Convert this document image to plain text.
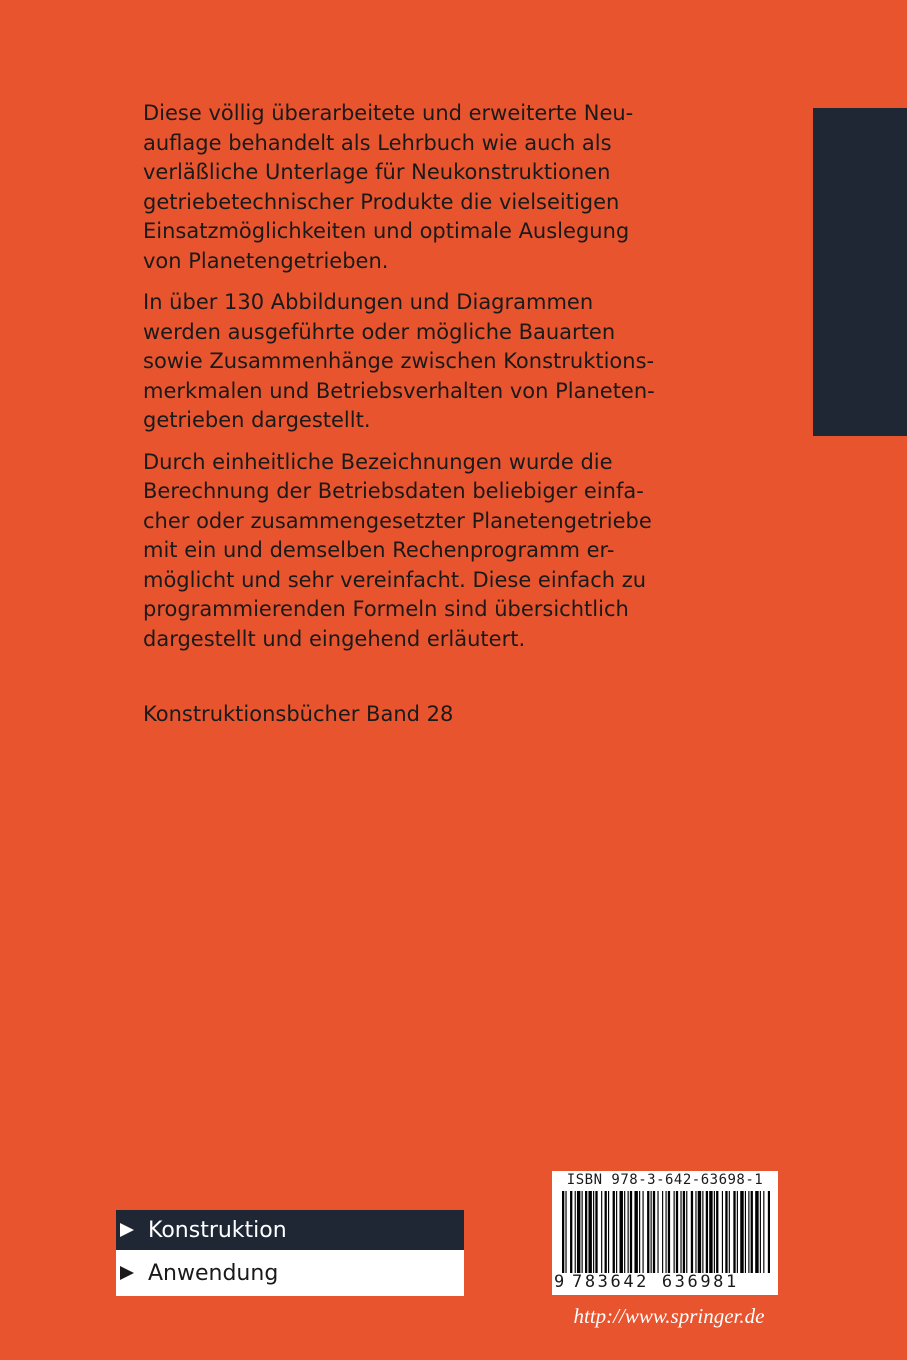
Diese völlig überarbeitete und erweiterte Neu-
auflage behandelt als Lehrbuch wie auch als
verläßliche Unterlage für Neukonstruktionen
getriebetechnischer Produkte die vielseitigen
Einsatzmöglichkeiten und optimale Auslegung
von Planetengetrieben.

In über 130 Abbildungen und Diagrammen
werden ausgeführte oder mögliche Bauarten
sowie Zusammenhänge zwischen Konstruktions-
merkmalen und Betriebsverhalten von Planeten-
getrieben dargestellt.

Durch einheitliche Bezeichnungen wurde die
Berechnung der Betriebsdaten beliebiger einfa-
cher oder zusammengesetzter Planetengetriebe
mit ein und demselben Rechenprogramm er-
möglicht und sehr vereinfacht. Diese einfach zu
programmierenden Formeln sind übersichtlich
dargestellt und eingehend erläutert.

Konstruktionsbücher Band 28
Konstruktion
Anwendung
ISBN 978-3-642-63698-1
9 783642 636981
http://www.springer.de
